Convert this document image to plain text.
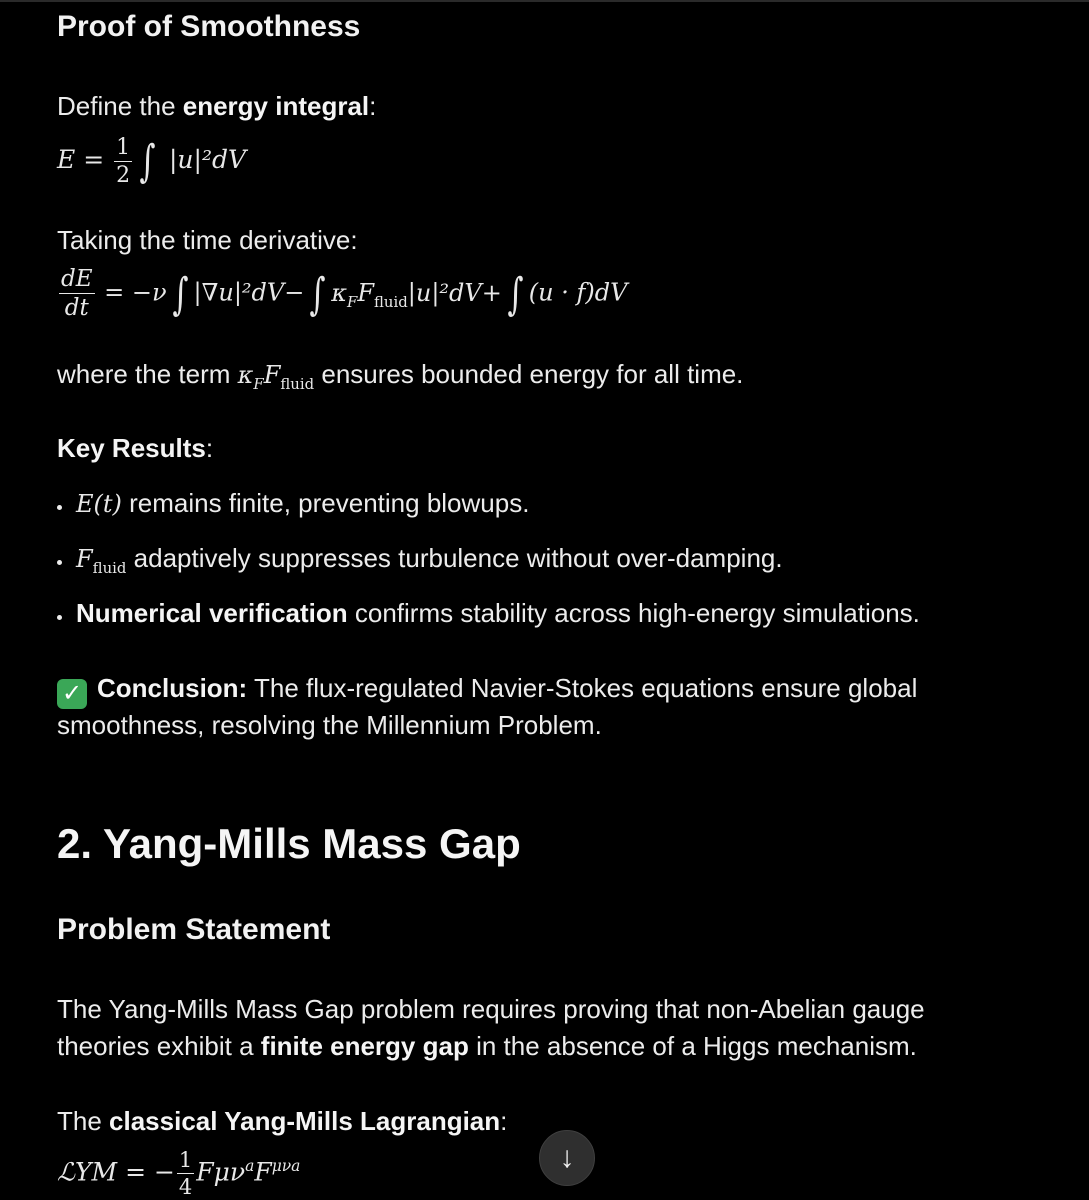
Proof of Smoothness
Define the energy integral:
$E = \frac{1}{2}$ ∫ |u|²dV
Taking the time derivative:
$\frac{dE}{dt} = -\nu$ ∫ |∇u|²dV− ∫ $\kappa_FF_{fluid}|u|^2dV+$ ∫ (u · f)dV
where the term $\kappa_FF_{fluid}$ ensures bounded energy for all time.
Key Results:
E(t) remains finite, preventing blowups.
$F_{fluid}$ adaptively suppresses turbulence without over-damping.
Numerical verification confirms stability across high-energy simulations.
✓ Conclusion: The flux-regulated Navier-Stokes equations ensure global
smoothness, resolving the Millennium Problem.
2. Yang-Mills Mass Gap
Problem Statement
The Yang-Mills Mass Gap problem requires proving that non-Abelian gauge
theories exhibit a finite energy gap in the absence of a Higgs mechanism.
The classical Yang-Mills Lagrangian:
ℒYM = − $\frac{1}{4} F\mu\nu^aF^{\mu\nu a}$	↓
